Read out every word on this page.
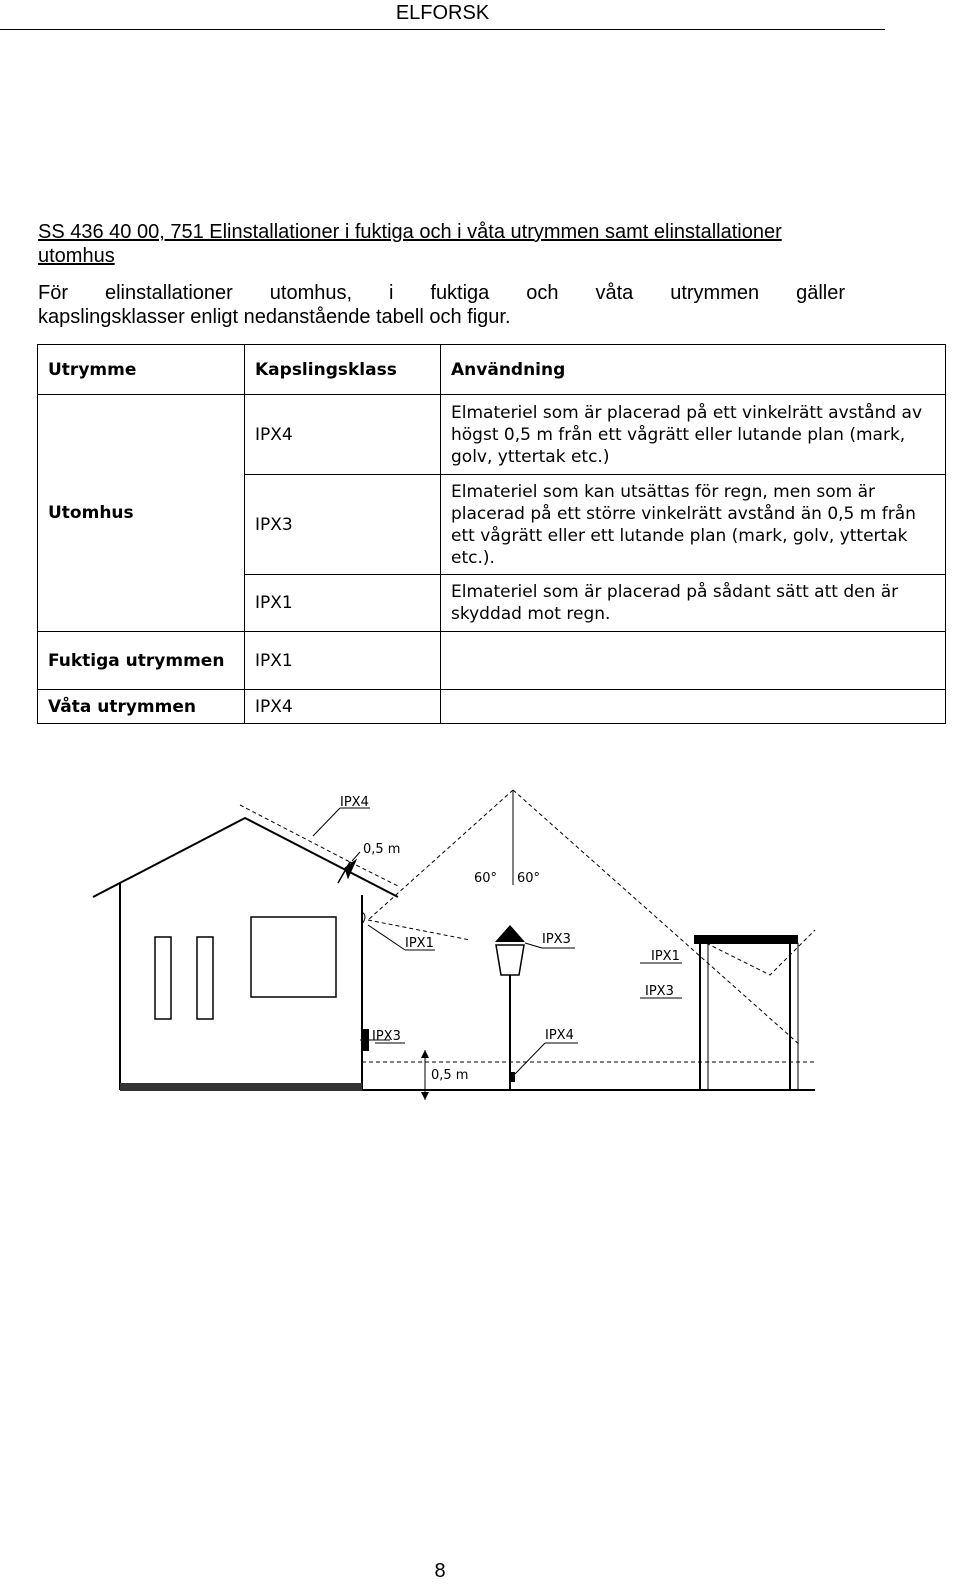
ELFORSK
SS 436 40 00, 751 Elinstallationer i fuktiga och i våta utrymmen samt elinstallationer utomhus
För elinstallationer utomhus, i fuktiga och våta utrymmen gäller
kapslingsklasser enligt nedanstående tabell och figur.
Utrymme	Kapslingsklass	Användning
Utomhus	IPX4	Elmateriel som är placerad på ett vinkelrätt avstånd av högst 0,5 m från ett vågrätt eller lutande plan (mark, golv, yttertak etc.)
	IPX3	Elmateriel som kan utsättas för regn, men som är placerad på ett större vinkelrätt avstånd än 0,5 m från ett vågrätt eller ett lutande plan (mark, golv, yttertak etc.).
	IPX1	Elmateriel som är placerad på sådant sätt att den är skyddad mot regn.
Fuktiga utrymmen	IPX1	
Våta utrymmen	IPX4	
IPX4
0,5 m
60° 60°
IPX1	IPX3
IPX3	IPX4
0,5 m
IPX1
IPX3
8
